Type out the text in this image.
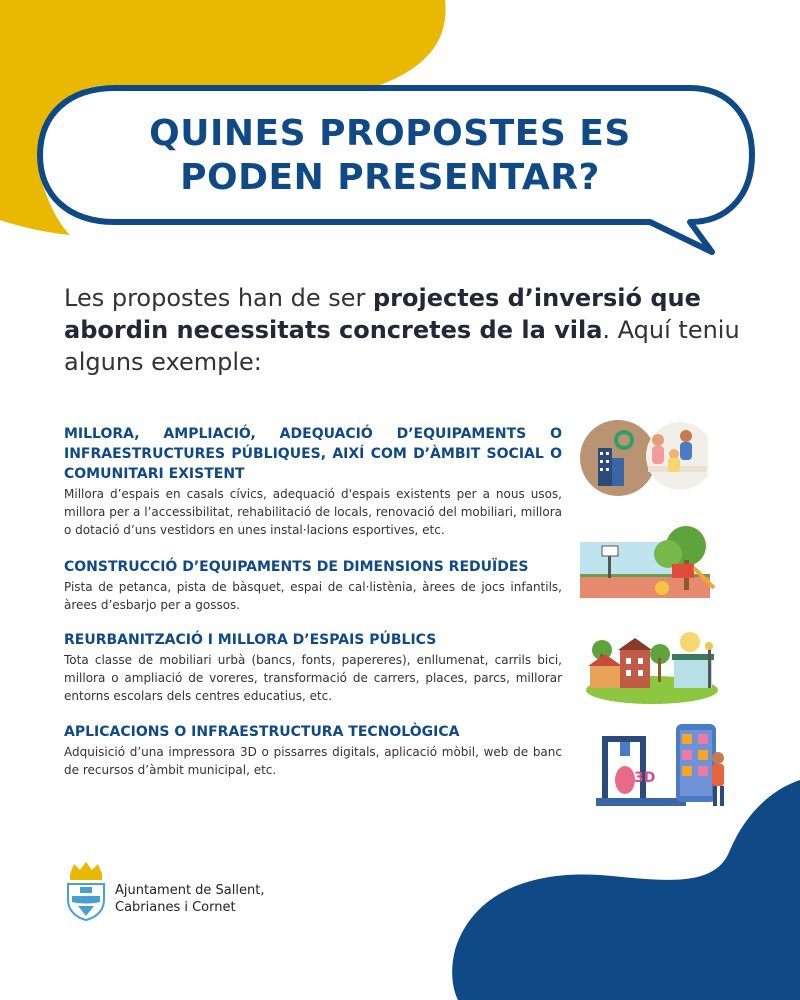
QUINES PROPOSTES ES
PODEN PRESENTAR?
Les propostes han de ser projectes d’inversió que abordin necessitats concretes de la vila. Aquí teniu alguns exemple:
MILLORA, AMPLIACIÓ, ADEQUACIÓ D’EQUIPAMENTS O INFRAESTRUCTURES PÚBLIQUES, AIXÍ COM D’ÀMBIT SOCIAL O COMUNITARI EXISTENT

Millora d’espais en casals cívics, adequació d'espais existents per a nous usos, millora per a l’accessibilitat, rehabilitació de locals, renovació del mobiliari, millora o dotació d’uns vestidors en unes instal·lacions esportives, etc.

CONSTRUCCIÓ D’EQUIPAMENTS DE DIMENSIONS REDUÏDES

Pista de petanca, pista de bàsquet, espai de cal·listènia, àrees de jocs infantils, àrees d’esbarjo per a gossos.

REURBANITZACIÓ I MILLORA D’ESPAIS PÚBLICS

Tota classe de mobiliari urbà (bancs, fonts, papereres), enllumenat, carrils bici, millora o ampliació de voreres, transformació de carrers, places, parcs, millorar entorns escolars dels centres educatius, etc.

APLICACIONS O INFRAESTRUCTURA TECNOLÒGICA

Adquisició d’una impressora 3D o pissarres digitals, aplicació mòbil, web de banc de recursos d’àmbit municipal, etc.	3D
Ajuntament de Sallent,
Cabrianes i Cornet
